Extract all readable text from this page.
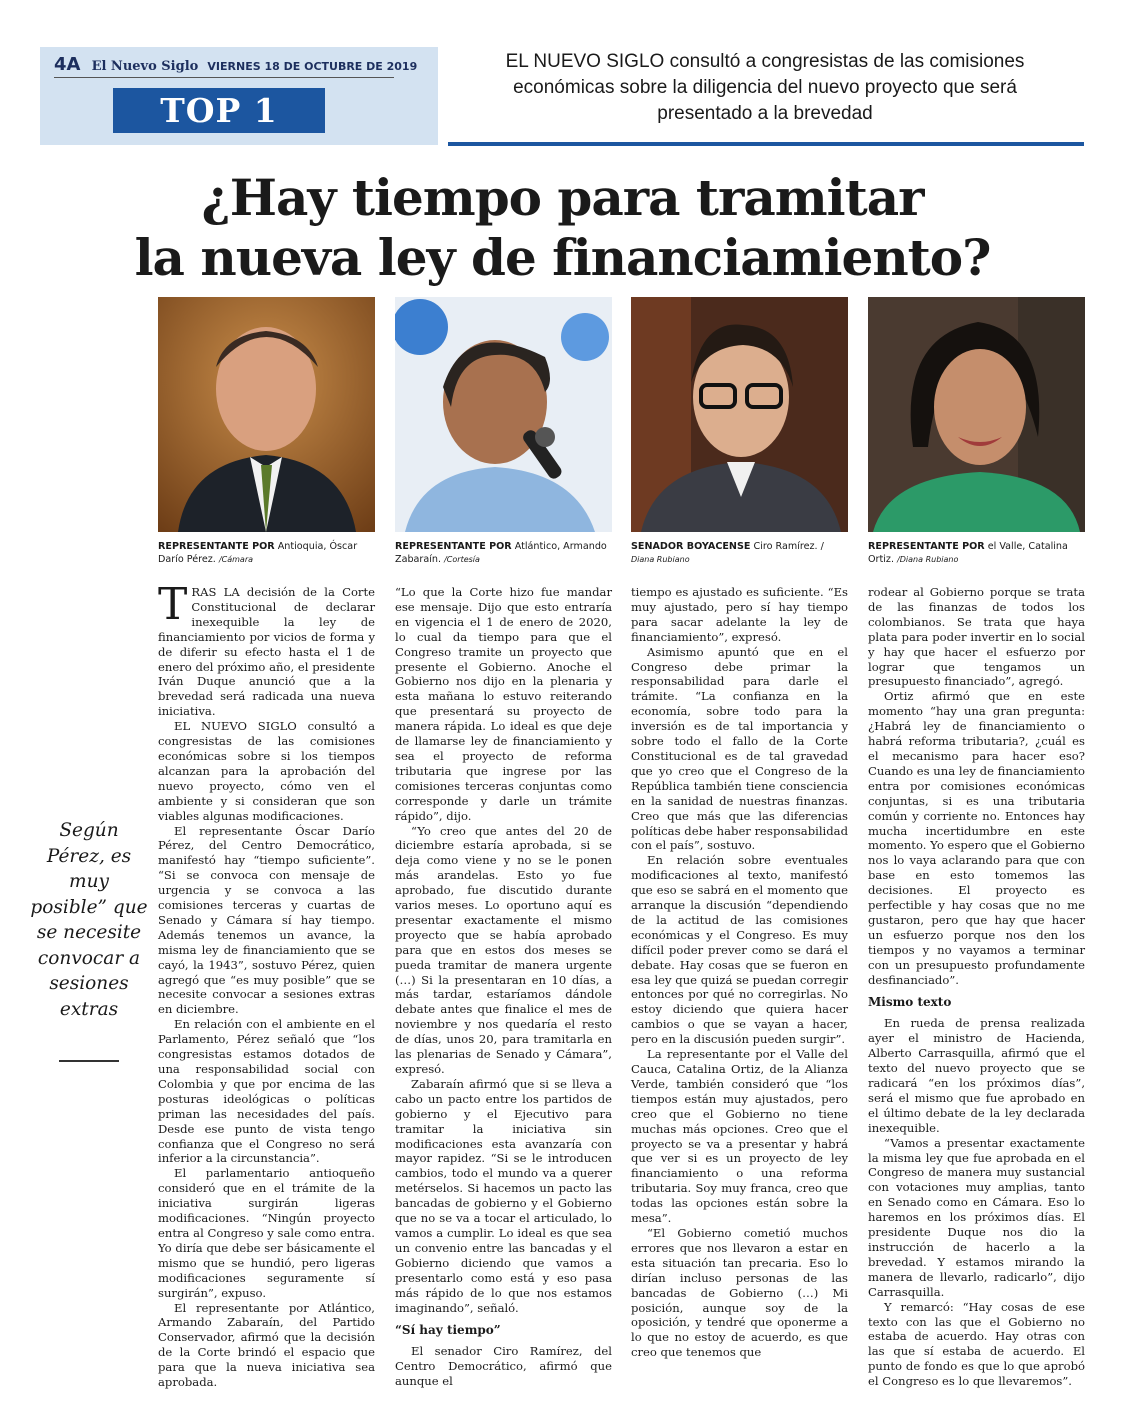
4A El Nuevo Siglo VIERNES 18 DE OCTUBRE DE 2019
TOP 1
EL NUEVO SIGLO consultó a congresistas de las comisiones económicas sobre la diligencia del nuevo proyecto que será presentado a la brevedad
¿Hay tiempo para tramitar
la nueva ley de financiamiento?
REPRESENTANTE POR Antioquia, Óscar Darío Pérez. /Cámara
REPRESENTANTE POR Atlántico, Armando Zabaraín. /Cortesía
SENADOR BOYACENSE Ciro Ramírez. / Diana Rubiano
REPRESENTANTE POR el Valle, Catalina Ortiz. /Diana Rubiano
Según Pérez, es muy posible” que se necesite convocar a sesiones extras

TRAS LA decisión de la Corte Constitucional de declarar inexequible la ley de financiamiento por vicios de forma y de diferir su efecto hasta el 1 de enero del próximo año, el presidente Iván Duque anunció que a la brevedad será radicada una nueva iniciativa.

EL NUEVO SIGLO consultó a congresistas de las comisiones económicas sobre si los tiempos alcanzan para la aprobación del nuevo proyecto, cómo ven el ambiente y si consideran que son viables algunas modificaciones.

El representante Óscar Darío Pérez, del Centro Democrático, manifestó hay “tiempo suficiente”. “Si se convoca con mensaje de urgencia y se convoca a las comisiones terceras y cuartas de Senado y Cámara sí hay tiempo. Además tenemos un avance, la misma ley de financiamiento que se cayó, la 1943”, sostuvo Pérez, quien agregó que “es muy posible” que se necesite convocar a sesiones extras en diciembre.

En relación con el ambiente en el Parlamento, Pérez señaló que “los congresistas estamos dotados de una responsabilidad social con Colombia y que por encima de las posturas ideológicas o políticas priman las necesidades del país. Desde ese punto de vista tengo confianza que el Congreso no será inferior a la circunstancia”.

El parlamentario antioqueño consideró que en el trámite de la iniciativa surgirán ligeras modificaciones. “Ningún proyecto entra al Congreso y sale como entra. Yo diría que debe ser básicamente el mismo que se hundió, pero ligeras modificaciones seguramente sí surgirán”, expuso.

El representante por Atlántico, Armando Zabaraín, del Partido Conservador, afirmó que la decisión de la Corte brindó el espacio que para que la nueva iniciativa sea aprobada.

“Lo que la Corte hizo fue mandar ese mensaje. Dijo que esto entraría en vigencia el 1 de enero de 2020, lo cual da tiempo para que el Congreso tramite un proyecto que presente el Gobierno. Anoche el Gobierno nos dijo en la plenaria y esta mañana lo estuvo reiterando que presentará su proyecto de manera rápida. Lo ideal es que deje de llamarse ley de financiamiento y sea el proyecto de reforma tributaria que ingrese por las comisiones terceras conjuntas como corresponde y darle un trámite rápido”, dijo.

“Yo creo que antes del 20 de diciembre estaría aprobada, si se deja como viene y no se le ponen más arandelas. Esto yo fue aprobado, fue discutido durante varios meses. Lo oportuno aquí es presentar exactamente el mismo proyecto que se había aprobado para que en estos dos meses se pueda tramitar de manera urgente (…) Si la presentaran en 10 días, a más tardar, estaríamos dándole debate antes que finalice el mes de noviembre y nos quedaría el resto de días, unos 20, para tramitarla en las plenarias de Senado y Cámara”, expresó.

Zabaraín afirmó que si se lleva a cabo un pacto entre los partidos de gobierno y el Ejecutivo para tramitar la iniciativa sin modificaciones esta avanzaría con mayor rapidez. “Si se le introducen cambios, todo el mundo va a querer metérselos. Si hacemos un pacto las bancadas de gobierno y el Gobierno que no se va a tocar el articulado, lo vamos a cumplir. Lo ideal es que sea un convenio entre las bancadas y el Gobierno diciendo que vamos a presentarlo como está y eso pasa más rápido de lo que nos estamos imaginando”, señaló.

“Sí hay tiempo”

El senador Ciro Ramírez, del Centro Democrático, afirmó que aunque el

tiempo es ajustado es suficiente. “Es muy ajustado, pero sí hay tiempo para sacar adelante la ley de financiamiento”, expresó.

Asimismo apuntó que en el Congreso debe primar la responsabilidad para darle el trámite. “La confianza en la economía, sobre todo para la inversión es de tal importancia y sobre todo el fallo de la Corte Constitucional es de tal gravedad que yo creo que el Congreso de la República también tiene consciencia en la sanidad de nuestras finanzas. Creo que más que las diferencias políticas debe haber responsabilidad con el país”, sostuvo.

En relación sobre eventuales modificaciones al texto, manifestó que eso se sabrá en el momento que arranque la discusión “dependiendo de la actitud de las comisiones económicas y el Congreso. Es muy difícil poder prever como se dará el debate. Hay cosas que se fueron en esa ley que quizá se puedan corregir entonces por qué no corregirlas. No estoy diciendo que quiera hacer cambios o que se vayan a hacer, pero en la discusión pueden surgir”.

La representante por el Valle del Cauca, Catalina Ortiz, de la Alianza Verde, también consideró que “los tiempos están muy ajustados, pero creo que el Gobierno no tiene muchas más opciones. Creo que el proyecto se va a presentar y habrá que ver si es un proyecto de ley financiamiento o una reforma tributaria. Soy muy franca, creo que todas las opciones están sobre la mesa”.

“El Gobierno cometió muchos errores que nos llevaron a estar en esta situación tan precaria. Eso lo dirían incluso personas de las bancadas de Gobierno (…) Mi posición, aunque soy de la oposición, y tendré que oponerme a lo que no estoy de acuerdo, es que creo que tenemos que

rodear al Gobierno porque se trata de las finanzas de todos los colombianos. Se trata que haya plata para poder invertir en lo social y hay que hacer el esfuerzo por lograr que tengamos un presupuesto financiado”, agregó.

Ortiz afirmó que en este momento “hay una gran pregunta: ¿Habrá ley de financiamiento o habrá reforma tributaria?, ¿cuál es el mecanismo para hacer eso? Cuando es una ley de financiamiento entra por comisiones económicas conjuntas, si es una tributaria común y corriente no. Entonces hay mucha incertidumbre en este momento. Yo espero que el Gobierno nos lo vaya aclarando para que con base en esto tomemos las decisiones. El proyecto es perfectible y hay cosas que no me gustaron, pero que hay que hacer un esfuerzo porque nos den los tiempos y no vayamos a terminar con un presupuesto profundamente desfinanciado”.

Mismo texto

En rueda de prensa realizada ayer el ministro de Hacienda, Alberto Carrasquilla, afirmó que el texto del nuevo proyecto que se radicará “en los próximos días”, será el mismo que fue aprobado en el último debate de la ley declarada inexequible.

“Vamos a presentar exactamente la misma ley que fue aprobada en el Congreso de manera muy sustancial con votaciones muy amplias, tanto en Senado como en Cámara. Eso lo haremos en los próximos días. El presidente Duque nos dio la instrucción de hacerlo a la brevedad. Y estamos mirando la manera de llevarlo, radicarlo”, dijo Carrasquilla.

Y remarcó: “Hay cosas de ese texto con las que el Gobierno no estaba de acuerdo. Hay otras con las que sí estaba de acuerdo. El punto de fondo es que lo que aprobó el Congreso es lo que llevaremos”.
